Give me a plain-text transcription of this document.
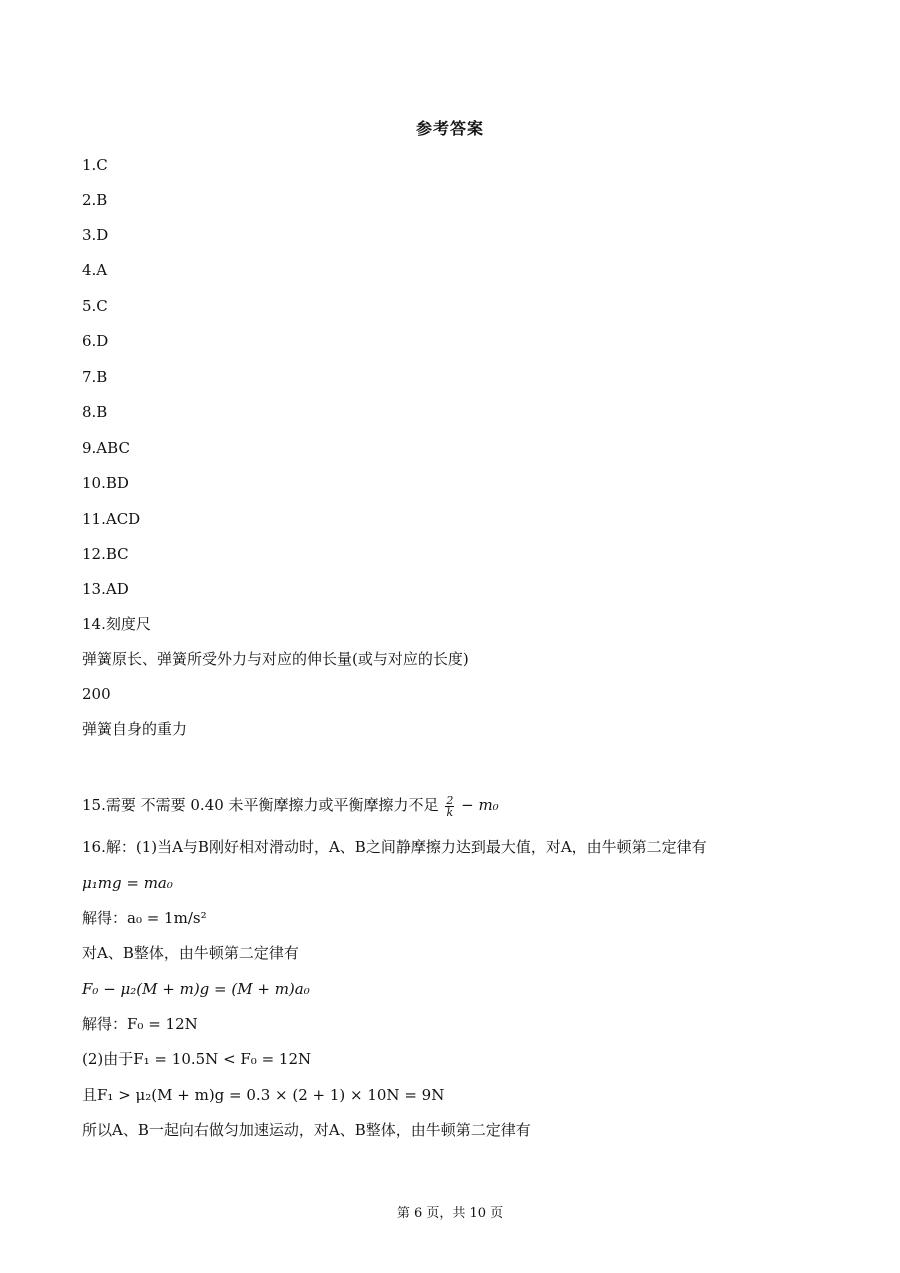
参考答案
1.C
2.B
3.D
4.A
5.C
6.D
7.B
8.B
9.ABC
10.BD
11.ACD
12.BC
13.AD
14.刻度尺
弹簧原长、弹簧所受外力与对应的伸长量(或与对应的长度)
200
弹簧自身的重力
15.需要 不需要 0.40 未平衡摩擦力或平衡摩擦力不足 $\frac{2}{k} - m_0$
16.解：(1)当A与B刚好相对滑动时，A、B之间静摩擦力达到最大值，对A，由牛顿第二定律有
μ₁mg = ma₀
解得：a₀ = 1m/s²
对A、B整体，由牛顿第二定律有
F₀ − μ₂(M + m)g = (M + m)a₀
解得：F₀ = 12N
(2)由于F₁ = 10.5N < F₀ = 12N
且F₁ > μ₂(M + m)g = 0.3 × (2 + 1) × 10N = 9N
所以A、B一起向右做匀加速运动，对A、B整体，由牛顿第二定律有
第 6 页，共 10 页
